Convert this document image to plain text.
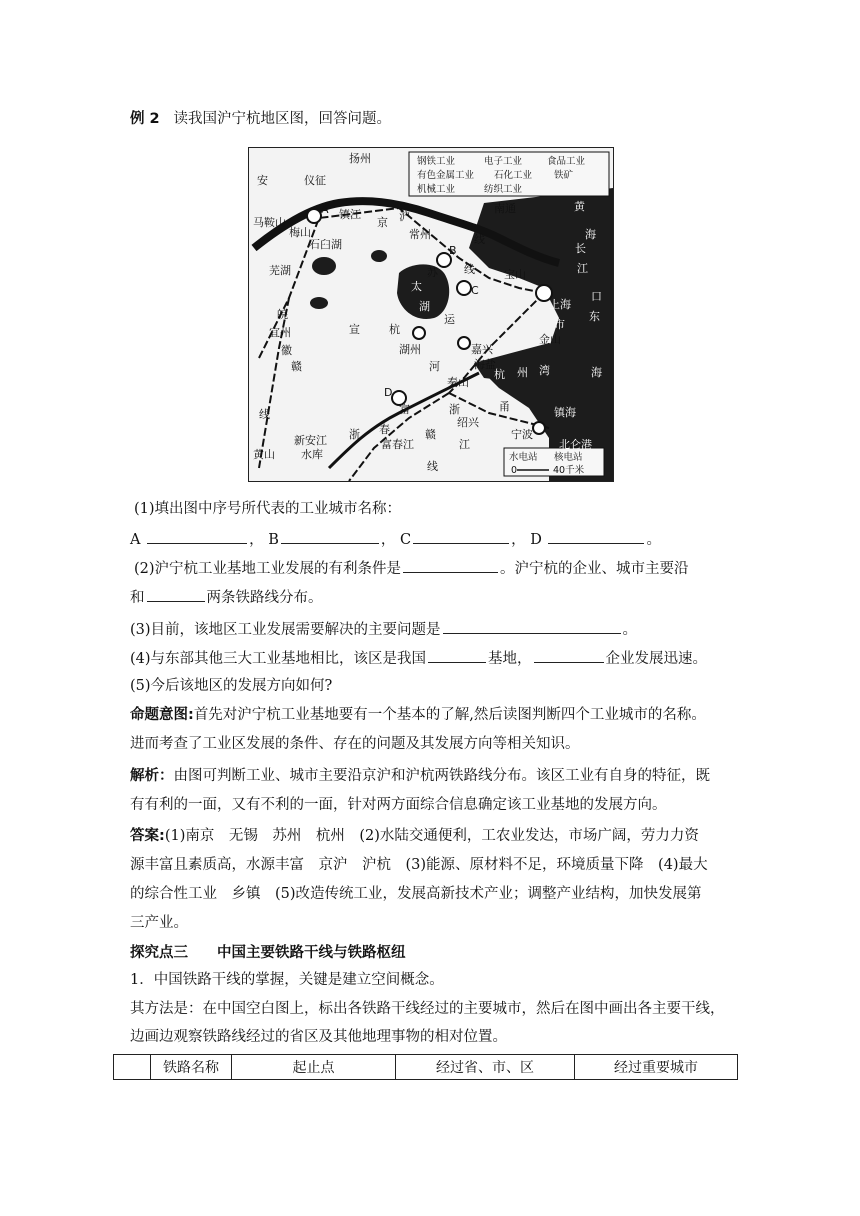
例 2 读我国沪宁杭地区图，回答问题。
钢铁工业	电子工业	食品工业
有色金属工业 石化工业 铁矿
机械工业	纺织工业
水电站 核电站
0	40千米
A
B
C
D
扬州
仪征
镇江
常州
南通	黄
海
长
江
口
东
海
安
马鞍山
梅山
芜湖
石臼湖
京 沪
线
苏	宝山
上海
市
皖
宜州
徽
赣
线
宣
太
湖
杭
湖州
运
河
嘉兴
海盐
秦山
金山
杭 州 湾
富
春
甬	镇海
宁波
北仑港
绍兴
新安江
水库
富春江
浙	赣
黄山
浙
江
线
线
(1)填出图中序号所代表的工业城市名称：
A	， B	， C	， D	。
(2)沪宁杭工业基地工业发展的有利条件是	。沪宁杭的企业、城市主要沿
和	两条铁路线分布。
(3)目前，该地区工业发展需要解决的主要问题是	。
(4)与东部其他三大工业基地相比，该区是我国	基地，	企业发展迅速。
(5)今后该地区的发展方向如何?
命题意图:首先对沪宁杭工业基地要有一个基本的了解,然后读图判断四个工业城市的名称。
进而考查了工业区发展的条件、存在的问题及其发展方向等相关知识。
解析：由图可判断工业、城市主要沿京沪和沪杭两铁路线分布。该区工业有自身的特征，既
有有利的一面，又有不利的一面，针对两方面综合信息确定该工业基地的发展方向。
答案:(1)南京　无锡　苏州　杭州　(2)水陆交通便利，工农业发达，市场广阔，劳力力资
源丰富且素质高，水源丰富　京沪　沪杭　(3)能源、原材料不足，环境质量下降　(4)最大
的综合性工业　乡镇　(5)改造传统工业，发展高新技术产业；调整产业结构，加快发展第
三产业。
探究点三　　中国主要铁路干线与铁路枢纽
1．中国铁路干线的掌握，关键是建立空间概念。
其方法是：在中国空白图上，标出各铁路干线经过的主要城市，然后在图中画出各主要干线，
边画边观察铁路线经过的省区及其他地理事物的相对位置。
	铁路名称	起止点	经过省、市、区	经过重要城市
